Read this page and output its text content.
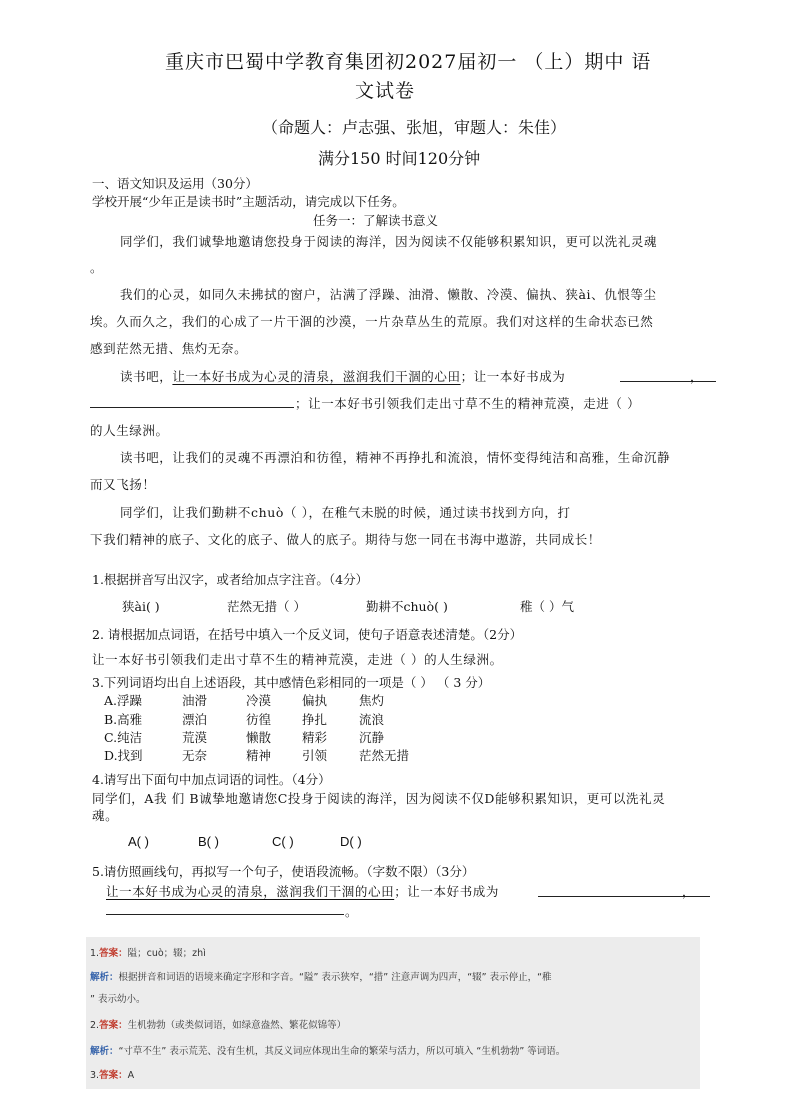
重庆市巴蜀中学教育集团初2027届初一 （上）期中 语
文试卷
（命题人：卢志强、张旭，审题人：朱佳）
满分150 时间120分钟
一、语文知识及运用（30分）
学校开展“少年正是读书时”主题活动，请完成以下任务。
任务一：了解读书意义
同学们，我们诚挚地邀请您投身于阅读的海洋，因为阅读不仅能够积累知识，更可以洗礼灵魂
。
我们的心灵，如同久未拂拭的窗户，沾满了浮躁、油滑、懒散、冷漠、偏执、狭ài、仇恨等尘
埃。久而久之，我们的心成了一片干涸的沙漠，一片杂草丛生的荒原。我们对这样的生命状态已然
感到茫然无措、焦灼无奈。
读书吧，让一本好书成为心灵的清泉，滋润我们干涸的心田；让一本好书成为	，
；让一本好书引领我们走出寸草不生的精神荒漠，走进（ ）
的人生绿洲。
读书吧，让我们的灵魂不再漂泊和彷徨，精神不再挣扎和流浪，情怀变得纯洁和高雅，生命沉静
而又飞扬！
同学们，让我们勤耕不chuò（ ），在稚气未脱的时候，通过读书找到方向，打
下我们精神的底子、文化的底子、做人的底子。期待与您一同在书海中遨游，共同成长！
1.根据拼音写出汉字，或者给加点字注音。（4分）
狭ài( )	茫然无措（ ）	勤耕不chuò( )	稚（ ）气
2. 请根据加点词语，在括号中填入一个反义词，使句子语意表述清楚。（2分）
让一本好书引领我们走出寸草不生的精神荒漠，走进（ ）的人生绿洲。
3.下列词语均出自上述语段，其中感情色彩相同的一项是（ ） （ 3 分）
A.浮躁	油滑	冷漠 偏执	焦灼
B.高雅	漂泊	彷徨 挣扎	流浪
C.纯洁	荒漠	懒散 精彩	沉静
D.找到	无奈	精神 引领	茫然无措
4.请写出下面句中加点词语的词性。（4分）
同学们，A我 们 B诚挚地邀请您C投身于阅读的海洋，因为阅读不仅D能够积累知识，更可以洗礼灵
魂。
A( )	B( )	C( )	D( )
5.请仿照画线句，再拟写一个句子，使语段流畅。（字数不限）（3分）
让一本好书成为心灵的清泉，滋润我们干涸的心田；让一本好书成为	，
。
1.答案：隘；cuò；辍；zhì
解析：根据拼音和词语的语境来确定字形和字音。“隘” 表示狭窄，“措” 注意声调为四声，“辍” 表示停止，“稚
” 表示幼小。
2.答案：生机勃勃（或类似词语，如绿意盎然、繁花似锦等）
解析：“寸草不生” 表示荒芜、没有生机，其反义词应体现出生命的繁荣与活力，所以可填入 “生机勃勃” 等词语。
3.答案：A
